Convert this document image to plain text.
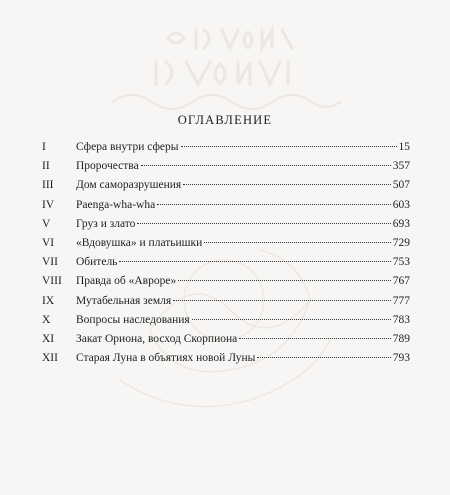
ОГЛАВЛЕНИЕ
I	Сфера внутри сферы	15
II	Пророчества	357
III	Дом саморазрушения	507
IV	Paenga-wha-wha	603
V	Груз и злато	693
VI	«Вдовушка» и платьишки	729
VII	Обитель	753
VIII	Правда об «Авроре»	767
IX	Мутабельная земля	777
X	Вопросы наследования	783
XI	Закат Ориона, восход Скорпиона	789
XII	Старая Луна в объятиях новой Луны	793
